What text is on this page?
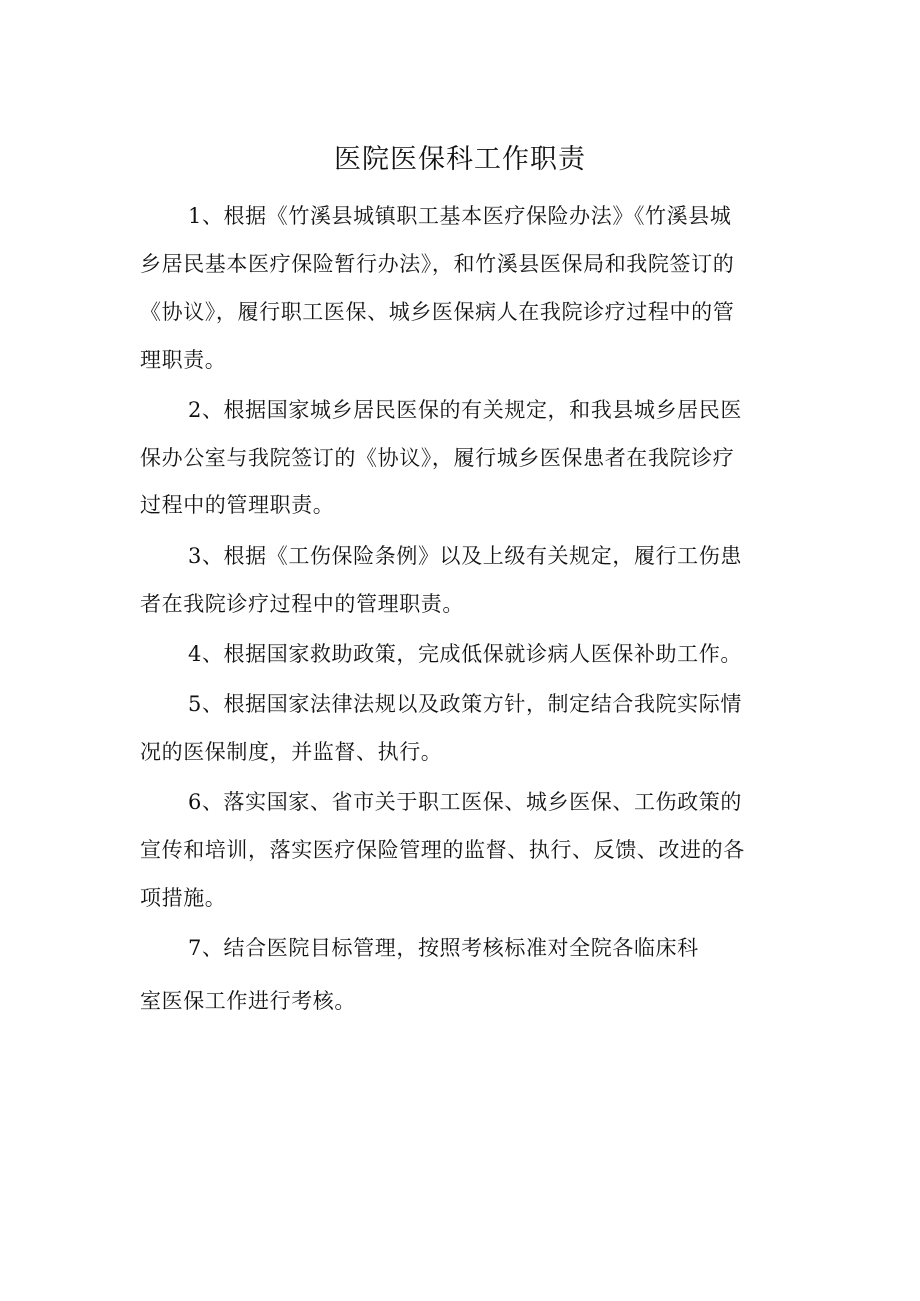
医院医保科工作职责
1、根据《竹溪县城镇职工基本医疗保险办法》《竹溪县城
乡居民基本医疗保险暂行办法》，和竹溪县医保局和我院签订的
《协议》，履行职工医保、城乡医保病人在我院诊疗过程中的管
理职责。
2、根据国家城乡居民医保的有关规定，和我县城乡居民医
保办公室与我院签订的《协议》，履行城乡医保患者在我院诊疗
过程中的管理职责。
3、根据《工伤保险条例》以及上级有关规定，履行工伤患
者在我院诊疗过程中的管理职责。
4、根据国家救助政策，完成低保就诊病人医保补助工作。
5、根据国家法律法规以及政策方针，制定结合我院实际情
况的医保制度，并监督、执行。
6、落实国家、省市关于职工医保、城乡医保、工伤政策的
宣传和培训，落实医疗保险管理的监督、执行、反馈、改进的各
项措施。
7、结合医院目标管理，按照考核标准对全院各临床科
室医保工作进行考核。
